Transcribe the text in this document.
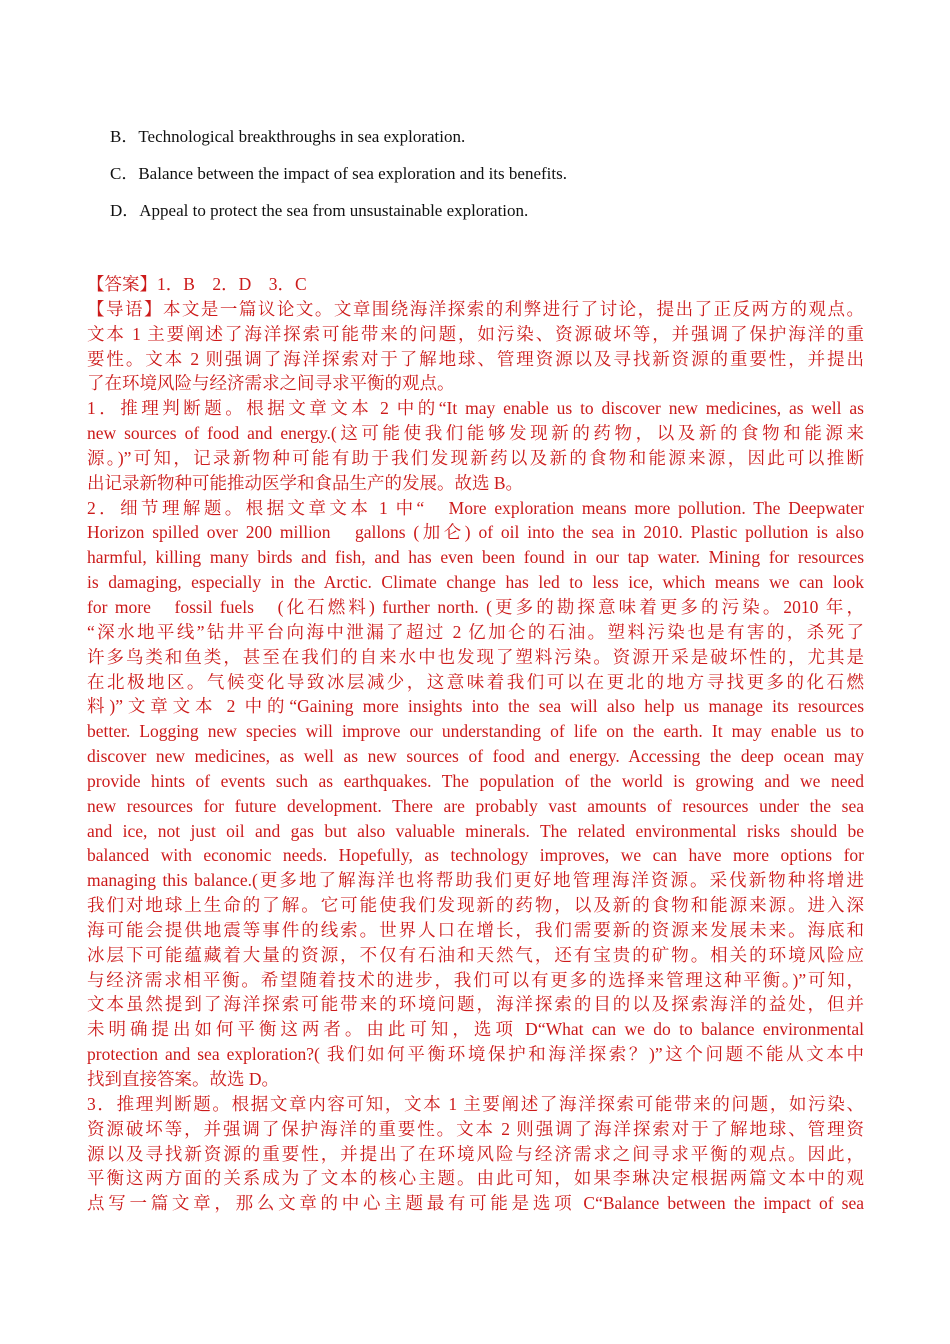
B．Technological breakthroughs in sea exploration.
C．Balance between the impact of sea exploration and its benefits.
D．Appeal to protect the sea from unsustainable exploration.
【答案】1．B　2．D　3．C
【导语】本文是一篇议论文。文章围绕海洋探索的利弊进行了讨论，提出了正反两方的观点。
文本 1 主要阐述了海洋探索可能带来的问题，如污染、资源破坏等，并强调了保护海洋的重
要性。文本 2 则强调了海洋探索对于了解地球、管理资源以及寻找新资源的重要性，并提出
了在环境风险与经济需求之间寻求平衡的观点。
1．推理判断题。根据文章文本 2 中的“It may enable us to discover new medicines, as well as
new sources of food and energy.(这可能使我们能够发现新的药物，以及新的食物和能源来
源。)”可知，记录新物种可能有助于我们发现新药以及新的食物和能源来源，因此可以推断
出记录新物种可能推动医学和食品生产的发展。故选 B。
2．细节理解题。根据文章文本 1 中“　More exploration means more pollution. The Deepwater
Horizon spilled over 200 million　gallons (加仑) of oil into the sea in 2010. Plastic pollution is also
harmful, killing many birds and fish, and has even been found in our tap water. Mining for resources
is damaging, especially in the Arctic. Climate change has led to less ice, which means we can look
for more　fossil fuels　(化石燃料) further north. (更多的勘探意味着更多的污染。2010 年，
“深水地平线”钻井平台向海中泄漏了超过 2 亿加仑的石油。塑料污染也是有害的，杀死了
许多鸟类和鱼类，甚至在我们的自来水中也发现了塑料污染。资源开采是破坏性的，尤其是
在北极地区。气候变化导致冰层减少，这意味着我们可以在更北的地方寻找更多的化石燃
料)”文章文本 2 中的“Gaining more insights into the sea will also help us manage its resources
better. Logging new species will improve our understanding of life on the earth. It may enable us to
discover new medicines, as well as new sources of food and energy. Accessing the deep ocean may
provide hints of events such as earthquakes. The population of the world is growing and we need
new resources for future development. There are probably vast amounts of resources under the sea
and ice, not just oil and gas but also valuable minerals. The related environmental risks should be
balanced with economic needs. Hopefully, as technology improves, we can have more options for
managing this balance.(更多地了解海洋也将帮助我们更好地管理海洋资源。采伐新物种将增进
我们对地球上生命的了解。它可能使我们发现新的药物，以及新的食物和能源来源。进入深
海可能会提供地震等事件的线索。世界人口在增长，我们需要新的资源来发展未来。海底和
冰层下可能蕴藏着大量的资源，不仅有石油和天然气，还有宝贵的矿物。相关的环境风险应
与经济需求相平衡。希望随着技术的进步，我们可以有更多的选择来管理这种平衡。)”可知，
文本虽然提到了海洋探索可能带来的环境问题，海洋探索的目的以及探索海洋的益处，但并
未明确提出如何平衡这两者。由此可知，选项 D“What can we do to balance environmental
protection and sea exploration?( 我们如何平衡环境保护和海洋探索？)”这个问题不能从文本中
找到直接答案。故选 D。
3．推理判断题。根据文章内容可知，文本 1 主要阐述了海洋探索可能带来的问题，如污染、
资源破坏等，并强调了保护海洋的重要性。文本 2 则强调了海洋探索对于了解地球、管理资
源以及寻找新资源的重要性，并提出了在环境风险与经济需求之间寻求平衡的观点。因此，
平衡这两方面的关系成为了文本的核心主题。由此可知，如果李琳决定根据两篇文本中的观
点写一篇文章，那么文章的中心主题最有可能是选项 C“Balance between the impact of sea
